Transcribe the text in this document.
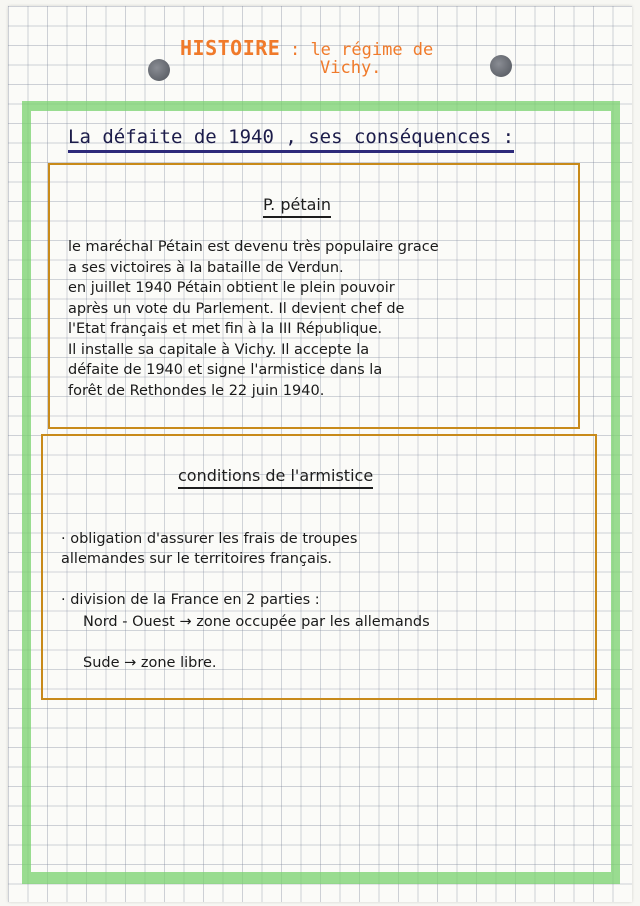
HISTOIRE : le régime de
Vichy.
La défaite de 1940 , ses conséquences :
P. pétain
le maréchal Pétain est devenu très populaire grace
a ses victoires à la bataille de Verdun.
en juillet 1940 Pétain obtient le plein pouvoir
après un vote du Parlement. Il devient chef de
l'Etat français et met fin à la III République.
Il installe sa capitale à Vichy. Il accepte la
défaite de 1940 et signe l'armistice dans la
forêt de Rethondes le 22 juin 1940.
conditions de l'armistice

· obligation d'assurer les frais de troupes
allemandes sur le territoires français.

· division de la France en 2 parties :

Nord - Ouest → zone occupée par les allemands

Sude → zone libre.
